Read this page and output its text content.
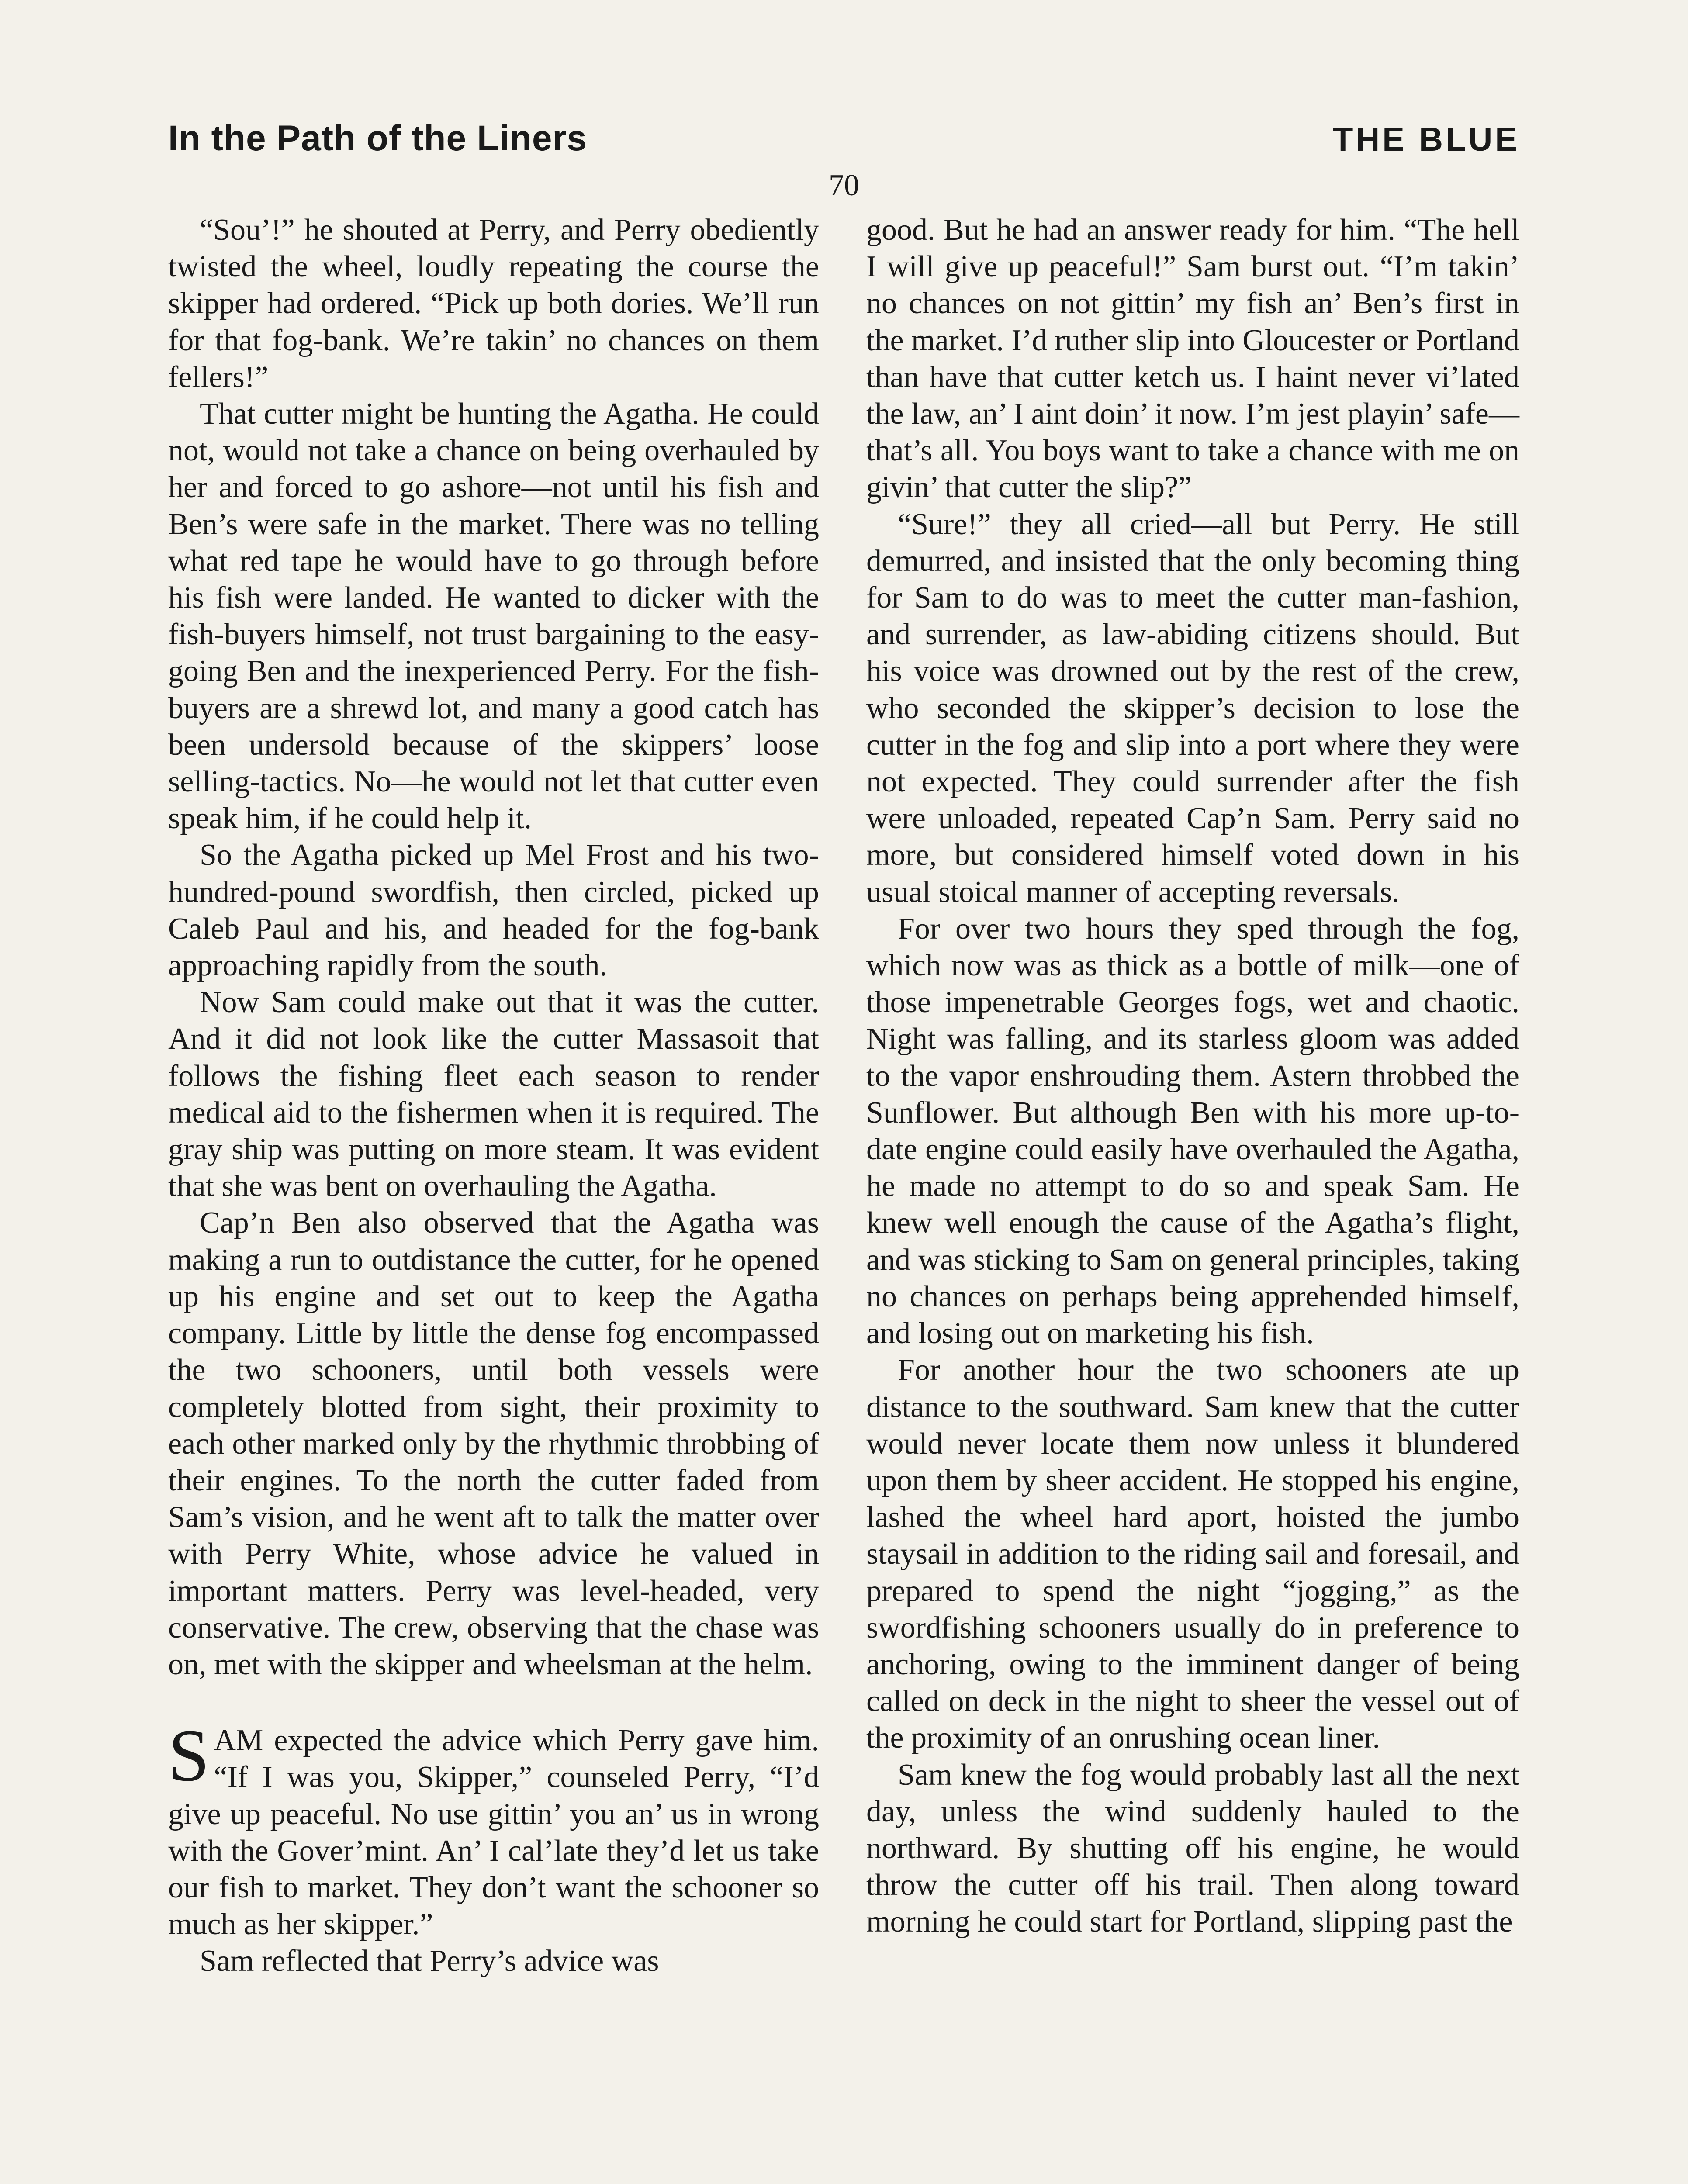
In the Path of the Liners	THE BLUE
70

“Sou’!” he shouted at Perry, and Perry obediently twisted the wheel, loudly repeating the course the skipper had ordered. “Pick up both dories. We’ll run for that fog-bank. We’re takin’ no chances on them fellers!”

That cutter might be hunting the Agatha. He could not, would not take a chance on being overhauled by her and forced to go ashore—not until his fish and Ben’s were safe in the market. There was no telling what red tape he would have to go through before his fish were landed. He wanted to dicker with the fish-buyers himself, not trust bargaining to the easy-going Ben and the inexperienced Perry. For the fish-buyers are a shrewd lot, and many a good catch has been undersold because of the skippers’ loose selling-tactics. No—he would not let that cutter even speak him, if he could help it.

So the Agatha picked up Mel Frost and his two-hundred-pound swordfish, then circled, picked up Caleb Paul and his, and headed for the fog-bank approaching rapidly from the south.

Now Sam could make out that it was the cutter. And it did not look like the cutter Massasoit that follows the fishing fleet each season to render medical aid to the fishermen when it is required. The gray ship was putting on more steam. It was evident that she was bent on overhauling the Agatha.

Cap’n Ben also observed that the Agatha was making a run to outdistance the cutter, for he opened up his engine and set out to keep the Agatha company. Little by little the dense fog encompassed the two schooners, until both vessels were completely blotted from sight, their proximity to each other marked only by the rhythmic throbbing of their engines. To the north the cutter faded from Sam’s vision, and he went aft to talk the matter over with Perry White, whose advice he valued in important matters. Perry was level-headed, very conservative. The crew, observing that the chase was on, met with the skipper and wheelsman at the helm.

SAM expected the advice which Perry gave him. “If I was you, Skipper,” counseled Perry, “I’d give up peaceful. No use gittin’ you an’ us in wrong with the Gover’mint. An’ I cal’late they’d let us take our fish to market. They don’t want the schooner so much as her skipper.”

Sam reflected that Perry’s advice was

good. But he had an answer ready for him. “The hell I will give up peaceful!” Sam burst out. “I’m takin’ no chances on not gittin’ my fish an’ Ben’s first in the market. I’d ruther slip into Gloucester or Portland than have that cutter ketch us. I haint never vi’lated the law, an’ I aint doin’ it now. I’m jest playin’ safe—that’s all. You boys want to take a chance with me on givin’ that cutter the slip?”

“Sure!” they all cried—all but Perry. He still demurred, and insisted that the only becoming thing for Sam to do was to meet the cutter man-fashion, and surrender, as law-abiding citizens should. But his voice was drowned out by the rest of the crew, who seconded the skipper’s decision to lose the cutter in the fog and slip into a port where they were not expected. They could surrender after the fish were unloaded, repeated Cap’n Sam. Perry said no more, but considered himself voted down in his usual stoical manner of accepting reversals.

For over two hours they sped through the fog, which now was as thick as a bottle of milk—one of those impenetrable Georges fogs, wet and chaotic. Night was falling, and its starless gloom was added to the vapor enshrouding them. Astern throbbed the Sunflower. But although Ben with his more up-to-date engine could easily have overhauled the Agatha, he made no attempt to do so and speak Sam. He knew well enough the cause of the Agatha’s flight, and was sticking to Sam on general principles, taking no chances on perhaps being apprehended himself, and losing out on marketing his fish.

For another hour the two schooners ate up distance to the southward. Sam knew that the cutter would never locate them now unless it blundered upon them by sheer accident. He stopped his engine, lashed the wheel hard aport, hoisted the jumbo staysail in addition to the riding sail and foresail, and prepared to spend the night “jogging,” as the swordfishing schooners usually do in preference to anchoring, owing to the imminent danger of being called on deck in the night to sheer the vessel out of the proximity of an onrushing ocean liner.

Sam knew the fog would probably last all the next day, unless the wind suddenly hauled to the northward. By shutting off his engine, he would throw the cutter off his trail. Then along toward morning he could start for Portland, slipping past the
